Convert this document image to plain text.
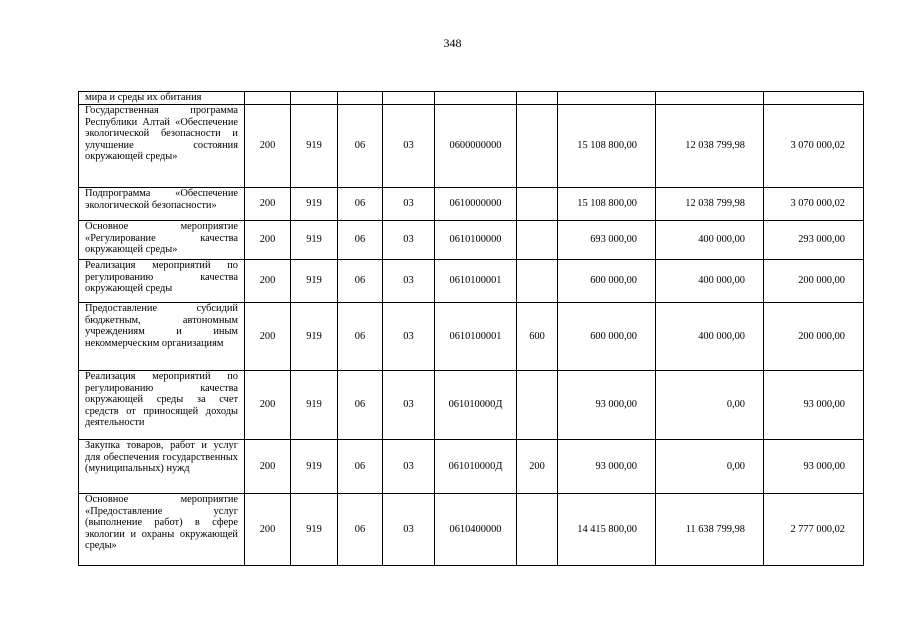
348
мира и среды их обитания									
Государственная программа Республики Алтай «Обеспечение экологической безопасности и улучшение состояния окружающей среды»	200	919	06	03	0600000000		15 108 800,00	12 038 799,98	3 070 000,02
Подпрограмма «Обеспечение экологической безопасности»	200	919	06	03	0610000000		15 108 800,00	12 038 799,98	3 070 000,02
Основное мероприятие «Регулирование качества окружающей среды»	200	919	06	03	0610100000		693 000,00	400 000,00	293 000,00
Реализация мероприятий по регулированию качества окружающей среды	200	919	06	03	0610100001		600 000,00	400 000,00	200 000,00
Предоставление субсидий бюджетным, автономным учреждениям и иным некоммерческим организациям	200	919	06	03	0610100001	600	600 000,00	400 000,00	200 000,00
Реализация мероприятий по регулированию качества окружающей среды за счет средств от приносящей доходы деятельности	200	919	06	03	061010000Д		93 000,00	0,00	93 000,00
Закупка товаров, работ и услуг для обеспечения государственных (муниципальных) нужд	200	919	06	03	061010000Д	200	93 000,00	0,00	93 000,00
Основное мероприятие «Предоставление услуг (выполнение работ) в сфере экологии и охраны окружающей среды»	200	919	06	03	0610400000		14 415 800,00	11 638 799,98	2 777 000,02
